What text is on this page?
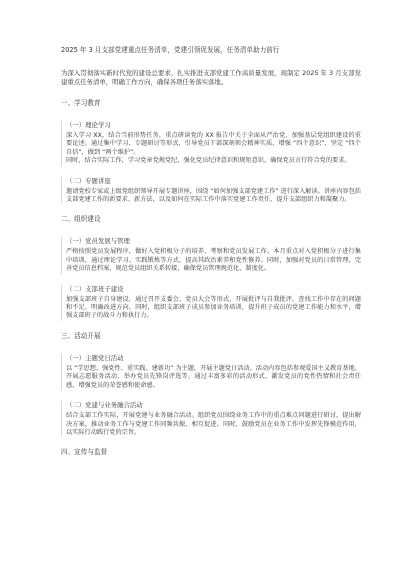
2025 年 3 月支部党建重点任务清单，党建引领促发展，任务清单助力前行
为深入贯彻落实新时代党的建设总要求，扎实推进支部党建工作高质量发展，现制定 2025 年 3 月支部党建重点任务清单，明确工作方向，确保各项任务落实落地。
一、学习教育
（一）理论学习
深入学习 XX，结合当前形势任务，重点研读党的 XX 报告中关于全面从严治党、加强基层党组织建设的重要论述。通过集中学习、专题研讨等形式，引导党员干部深刻领会精神实质，增强 “四个意识”，坚定 “四个自信”，做到 “两个维护”。
同时，结合实际工作，学习党章党规党纪，强化党员纪律意识和规矩意识，确保党员言行符合党的要求。
（二）专题讲座
邀请党校专家或上级党组织领导开展专题讲座，围绕 “如何加强支部党建工作” 进行深入解读。讲座内容包括支部党建工作的新要求、新方法，以及如何在实际工作中落实党建工作责任，提升支部组织力和凝聚力。
二、组织建设
（一）党员发展与管理
严格按照党员发展程序，做好入党积极分子的培养、考察和党员发展工作。本月重点对入党积极分子进行集中培训，通过理论学习、实践锻炼等方式，提高其政治素养和党性修养。同时，加强对党员的日常管理，完善党员信息档案，规范党员组织关系转接，确保党员管理规范化、制度化。
（二）支部班子建设
加强支部班子自身建设，通过召开支委会、党员大会等形式，开展批评与自我批评，查找工作中存在的问题和不足，明确改进方向。同时，组织支部班子成员参加业务培训，提升班子成员的党建工作能力和水平，增强支部班子的战斗力和执行力。
三、活动开展
（一）主题党日活动
以 “学思想、强党性、重实践、建新功” 为主题，开展主题党日活动。活动内容包括参观爱国主义教育基地、开展志愿服务活动、举办党员先锋岗评选等，通过丰富多彩的活动形式，激发党员的党性热情和社会责任感，增强党员的荣誉感和使命感。
（二）党建与业务融合活动
结合支部工作实际，开展党建与业务融合活动。组织党员围绕业务工作中的重点难点问题进行研讨，提出解决方案，推动业务工作与党建工作同频共振、相互促进。同时，鼓励党员在业务工作中发挥先锋模范作用，以实际行动践行党的宗旨。
四、宣传与监督
